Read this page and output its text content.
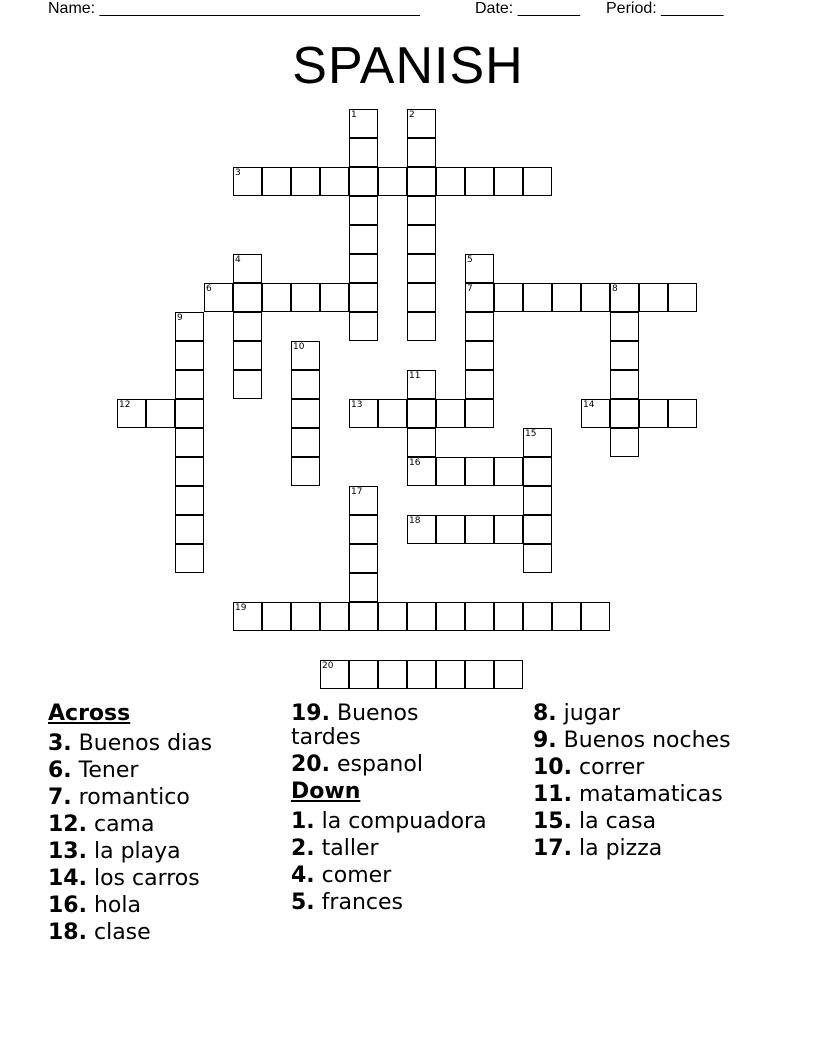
Name: ____________________________________	Date: _______ Period: _______
SPANISH
1	2
3
4	5
6	7	8
9
10
11
12	13	14
15
16
17
18
19
20
Across
3. Buenos dias
6. Tener
7. romantico
12. cama
13. la playa
14. los carros
16. hola
18. clase
19. Buenos tardes
20. espanol
Down
1. la compuadora
2. taller
4. comer
5. frances
8. jugar
9. Buenos noches
10. correr
11. matamaticas
15. la casa
17. la pizza
